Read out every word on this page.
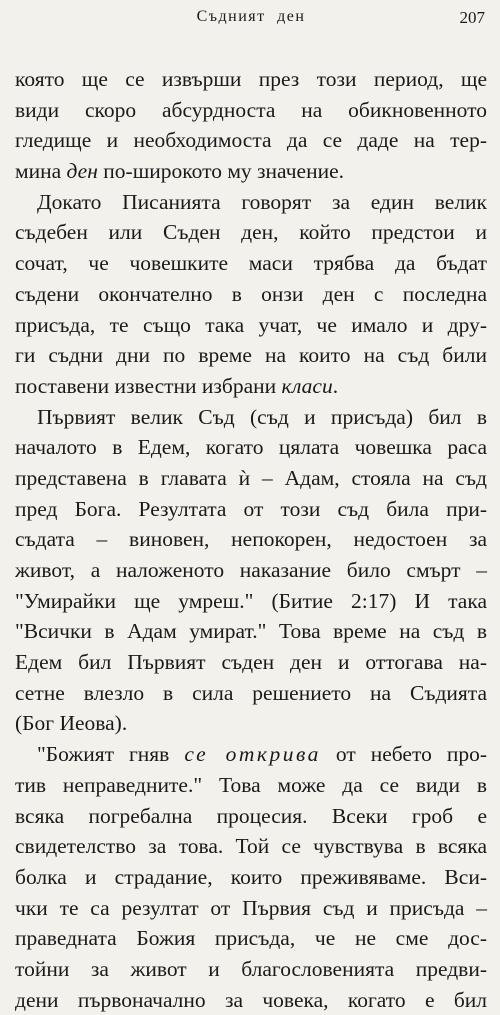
Съдният ден	207
която ще се извърши през този период, ще
види скоро абсурдноста на обикновенното
гледище и необходимоста да се даде на тер-
мина ден по-широкото му значение.
Докато Писанията говорят за един велик
съдебен или Съден ден, който предстои и
сочат, че човешките маси трябва да бъдат
съдени окончателно в онзи ден с последна
присъда, те също така учат, че имало и дру-
ги съдни дни по време на които на съд били
поставени известни избрани класи.
Първият велик Съд (съд и присъда) бил в
началото в Едем, когато цялата човешка раса
представена в главата ѝ – Адам, стояла на съд
пред Бога. Резултата от този съд била при-
съдата – виновен, непокорен, недостоен за
живот, а наложеното наказание било смърт –
"Умирайки ще умреш." (Битие 2:17) И така
"Всички в Адам умират." Това време на съд в
Едем бил Първият съден ден и оттогава на-
сетне влезло в сила решението на Съдията
(Бог Иеова).
"Божият гняв се открива от небето про-
тив неправедните." Това може да се види в
всяка погребална процесия. Всеки гроб е
свидетелство за това. Той се чувствува в всяка
болка и страдание, които преживяваме. Вси-
чки те са резултат от Първия съд и присъда –
праведната Божия присъда, че не сме дос-
тойни за живот и благословенията предви-
дени първоначално за човека, когато е бил
